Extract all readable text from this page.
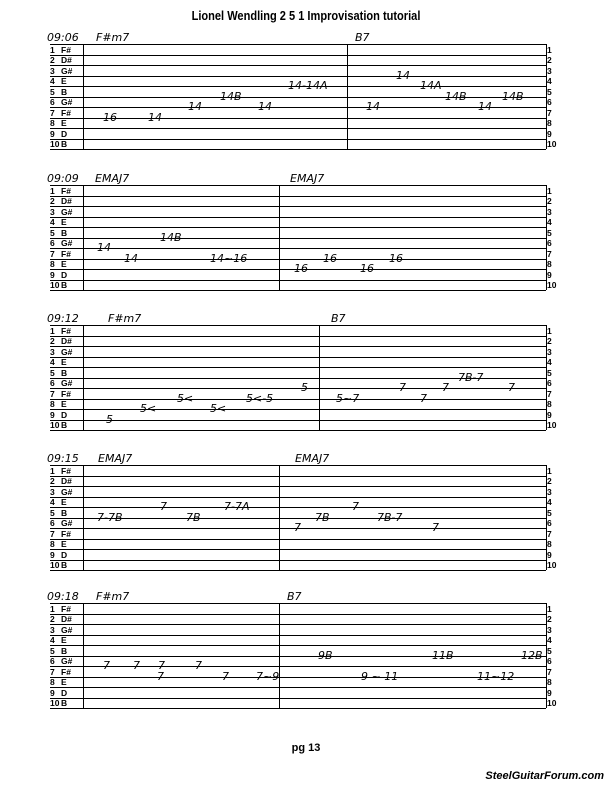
Lionel Wendling 2 5 1 Improvisation tutorial
09:06 F#m7	B7
1 F#	1
2 D#	2
3 G#	3
4 E	4
5 B	5
6 G#	6
7 F#	7
8 E	8
9 D	9
10 B	10
14-14A
14B
14	14
16	14
14
14A
14B	14B
14	14
09:09 EMAJ7	EMAJ7
1 F#	1
2 D#	2
3 G#	3
4 E	4
5 B	5
6 G#	6
7 F#	7
8 E	8
9 D	9
10 B	10
14B
14
14	14~16	16	16
16	16
09:12	F#m7	B7
1 F#	1
2 D#	2
3 G#	3
4 E	4
5 B	5
6 G#	6
7 F#	7
8 E	8
9 D	9
10 B	10
5<	5<-5
5<	5<
5
5
7B-7
7	7	7
5~7	7
09:15 EMAJ7	EMAJ7
1 F#	1
2 D#	2
3 G#	3
4 E	4
5 B	5
6 G#	6
7 F#	7
8 E	8
9 D	9
10 B	10
7	7-7A
7-7B	7B
7
7B	7B-7
7	7
09:18 F#m7	B7
1 F#	1
2 D#	2
3 G#	3
4 E	4
5 B	5
6 G#	6
7 F#	7
8 E	8
9 D	9
10 B	10
7 7 7	7
7
7	7~9
9B	11B	12B
9 ~ 11	11~12
pg 13
SteelGuitarForum.com
